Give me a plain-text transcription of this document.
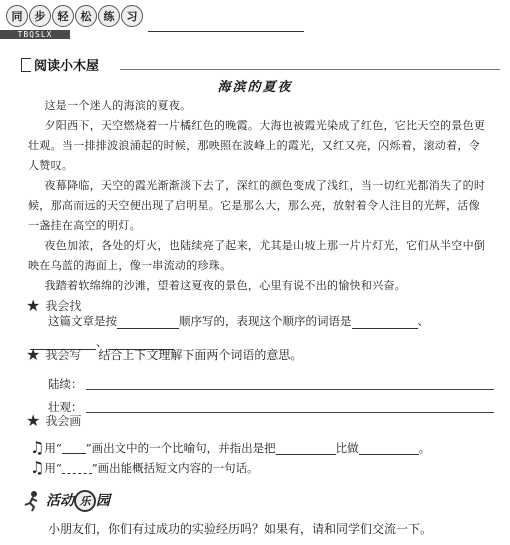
同	步	轻	松	练	习
TBQSLX
阅读小木屋
海滨的夏夜
这是一个迷人的海滨的夏夜。
夕阳西下，天空燃烧着一片橘红色的晚霞。大海也被霞光染成了红色，它比天空的景色更壮观。当一排排波浪涌起的时候，那映照在波峰上的霞光，又红又亮，闪烁着，滚动着，令人赞叹。
夜幕降临，天空的霞光渐渐淡下去了，深红的颜色变成了浅红，当一切红光都消失了的时候，那高而远的天空便出现了启明星。它是那么大，那么亮，放射着令人注目的光辉，活像一盏挂在高空的明灯。
夜色加浓，各处的灯火，也陆续亮了起来，尤其是山坡上那一片片灯光，它们从半空中倒映在乌蓝的海面上，像一串流动的珍珠。
我踏着软绵绵的沙滩，望着这夏夜的景色，心里有说不出的愉快和兴奋。
★ 我会找
这篇文章是按	顺序写的，表现这个顺序的词语是	、
、
★ 我会写 结合上下文理解下面两个词语的意思。
陆续：
壮观：
★ 我会画
♫ 用“ ”画出文中的一个比喻句，并指出是把	比做	。
♫ 用“	”画出能概括短文内容的一句话。
活动 乐 园
小朋友们，你们有过成功的实验经历吗？如果有，请和同学们交流一下。
